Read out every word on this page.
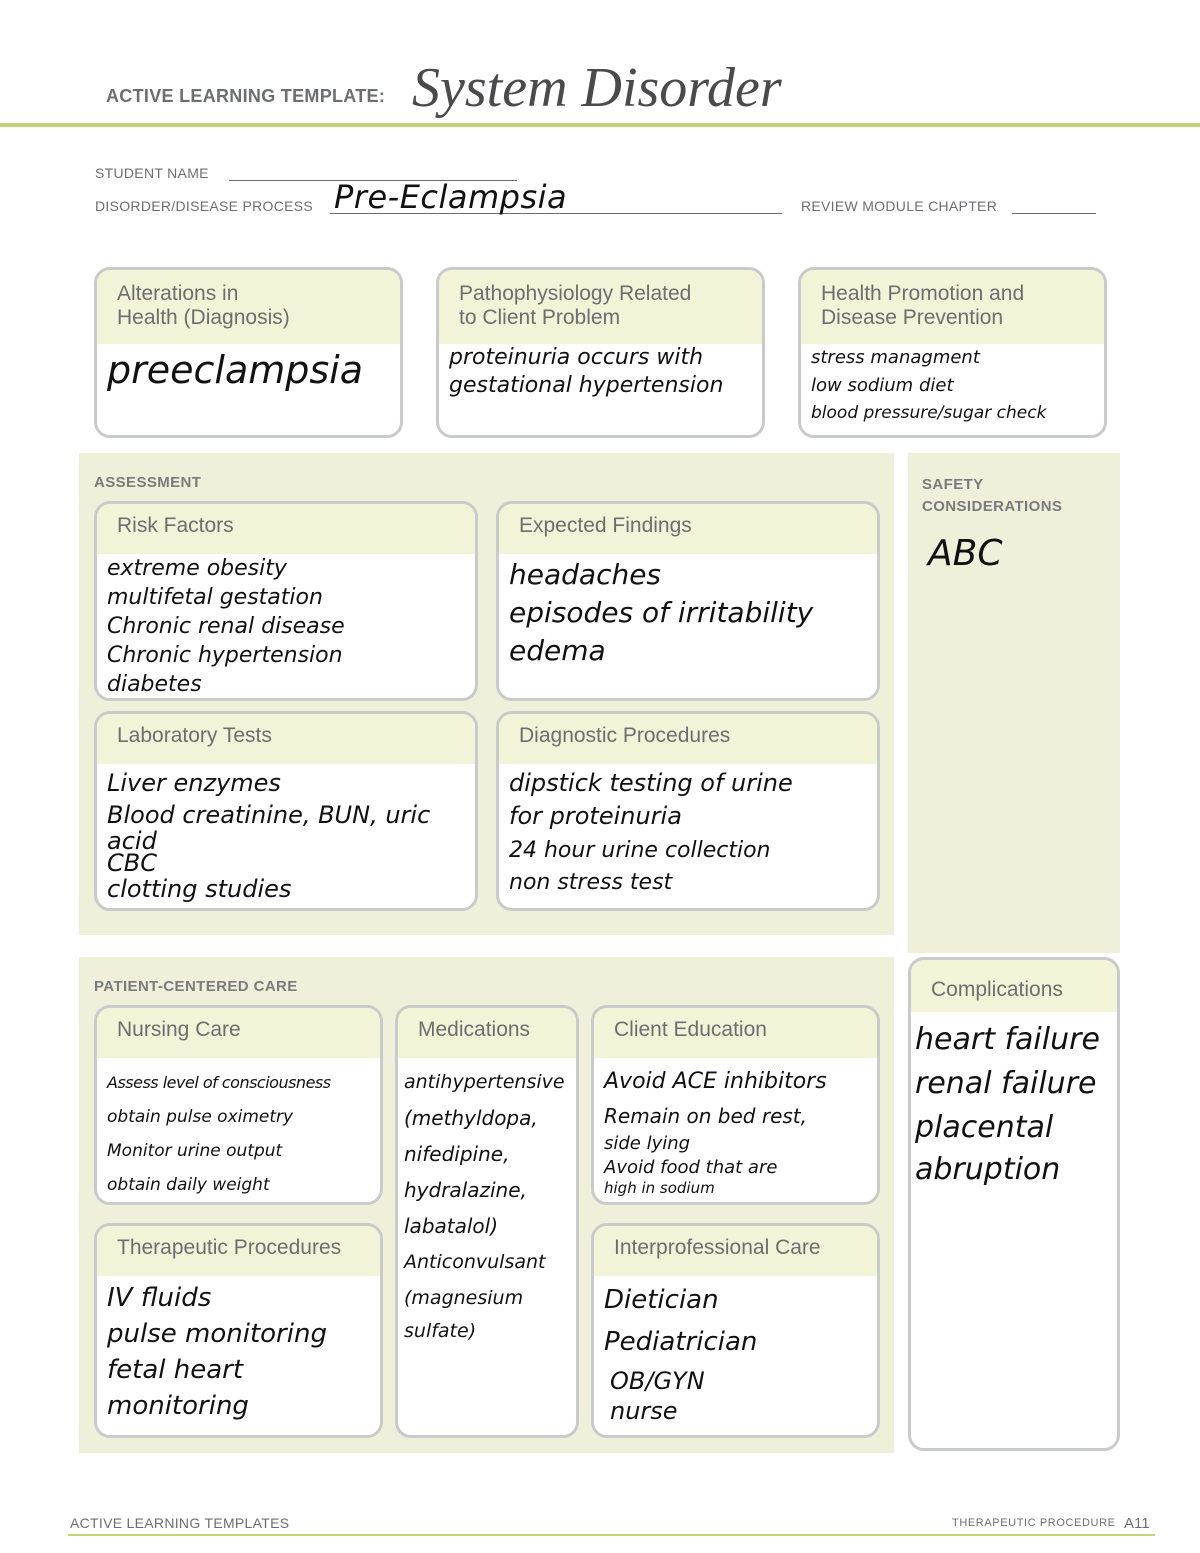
ACTIVE LEARNING TEMPLATE: System Disorder
STUDENT NAME
DISORDER/DISEASE PROCESS Pre-Eclampsia	REVIEW MODULE CHAPTER
Alterations in
Health (Diagnosis)
preeclampsia
Pathophysiology Related
to Client Problem
proteinuria occurs with
gestational hypertension
Health Promotion and
Disease Prevention
stress managment
low sodium diet
blood pressure/sugar check
ASSESSMENT
Risk Factors
extreme obesity
multifetal gestation
Chronic renal disease
Chronic hypertension
diabetes
Expected Findings
headaches
episodes of irritability
edema
Laboratory Tests
Liver enzymes
Blood creatinine, BUN, uric
acid
CBC
clotting studies
Diagnostic Procedures
dipstick testing of urine
for proteinuria
24 hour urine collection
non stress test
SAFETY
CONSIDERATIONS
ABC
PATIENT-CENTERED CARE
Nursing Care
Assess level of consciousness
obtain pulse oximetry
Monitor urine output
obtain daily weight
Medications
antihypertensive
(methyldopa,
nifedipine,
hydralazine,
labatalol)
Anticonvulsant
(magnesium
sulfate)
Client Education
Avoid ACE inhibitors
Remain on bed rest,
side lying
Avoid food that are
high in sodium
Therapeutic Procedures
IV fluids
pulse monitoring
fetal heart
monitoring
Interprofessional Care
Dietician
Pediatrician
OB/GYN
nurse
Complications
heart failure
renal failure
placental
abruption
ACTIVE LEARNING TEMPLATES	THERAPEUTIC PROCEDURE A11
